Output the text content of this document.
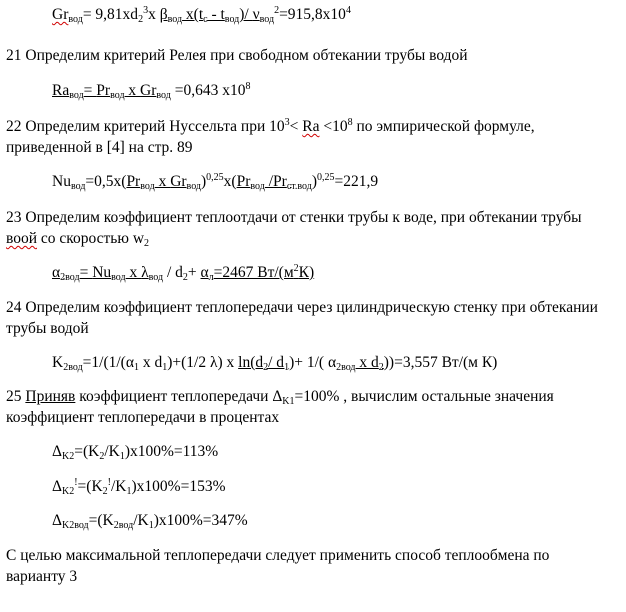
$Gr_{вод}= 9,81xd_2^3x$ $\beta_{вод}$ $x(t_с - t_{вод})/$ $\nu_{вод}^2=915,8x10^4$
21 Определим критерий Релея при свободном обтекании трубы водой
$Ra_{вод}= Pr_{вод}$ x $Gr_{вод} =0,643$ $x10^8$
22 Определим критерий Нуссельта при $10^3< Ra <10^8$ по эмпирической формуле,
приведенной в [4] на стр. 89
$Nu_{вод}=0,5x(Pr_{вод}$ x $Gr_{вод})^{0,25}x(Pr_{вод}$ $/Pr_{ст.вод})^{0,25}=221,9$
23 Определим коэффициент теплоотдачи от стенки трубы к воде, при обтекании трубы
воой со скоростью $w_2$
$\alpha_{2вод}= Nu_{вод}$ x $\lambda_{вод} / d_2+ \alpha_л=2467$ $Вт/(м^2К)$
24 Определим коэффициент теплопередачи через цилиндрическую стенку при обтекании
трубы водой
$K_{2вод}=1/(1/(\alpha_1$ x $d_1)+(1/2$ λ) x $\ln(d_2/$ $d_1)+ 1/$( $\alpha_{2вод}$ x $d_2))=3,557$ Вт/(м К)
25 Приняв коэффициент теплопередачи $\Delta_{K1}=100\%$ , вычислим остальные значения
коэффициент теплопередачи в процентах
$\Delta_{K2}=(K_2/K_1)x100\%=113\%$
$\Delta_{K2}^!=(K_2^!/K_1)x100\%=153\%$
$\Delta_{K2вод}=(K_{2вод}/K_1)x100\%=347\%$
С целью максимальной теплопередачи следует применить способ теплообмена по
варианту 3
